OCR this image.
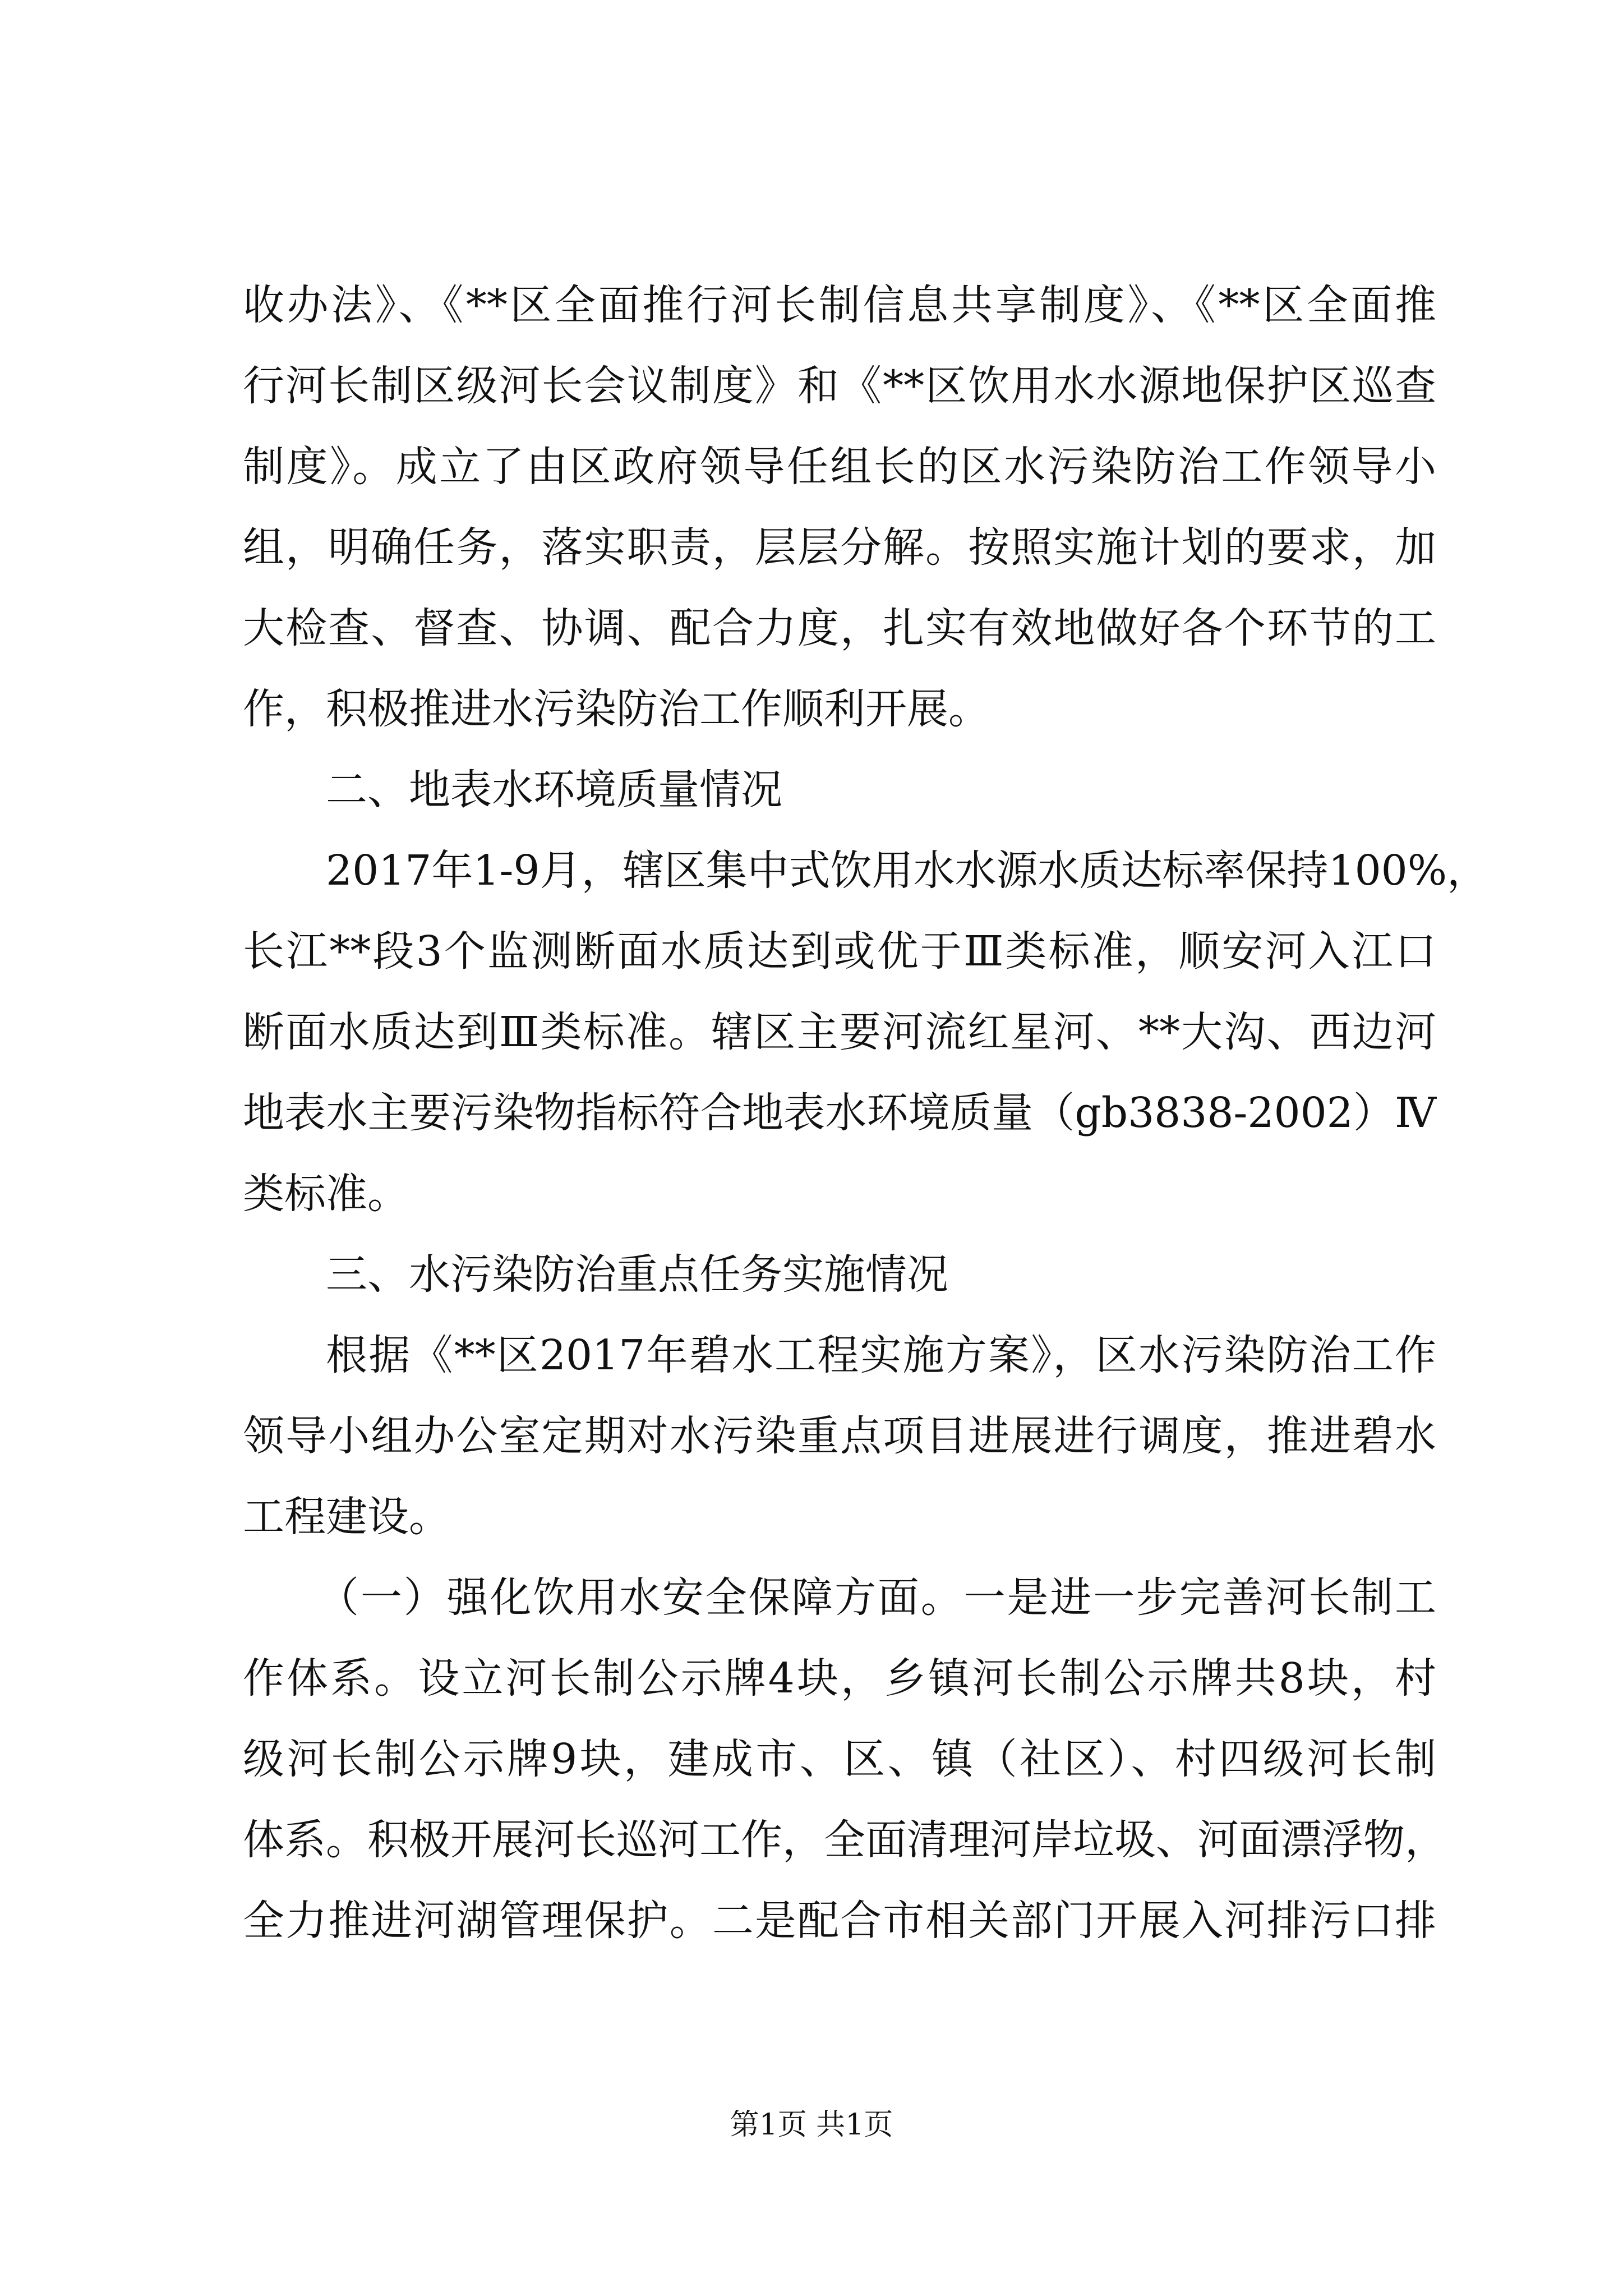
收办法》、《**区全面推行河长制信息共享制度》、《**区全面推
行河长制区级河长会议制度》和《**区饮用水水源地保护区巡查
制度》。成立了由区政府领导任组长的区水污染防治工作领导小
组，明确任务，落实职责，层层分解。按照实施计划的要求，加
大检查、督查、协调、配合力度，扎实有效地做好各个环节的工
作，积极推进水污染防治工作顺利开展。
二、地表水环境质量情况
2017年1-9月，辖区集中式饮用水水源水质达标率保持100%，
长江**段3个监测断面水质达到或优于Ⅲ类标准，顺安河入江口
断面水质达到Ⅲ类标准。辖区主要河流红星河、**大沟、西边河
地表水主要污染物指标符合地表水环境质量（gb3838-2002）Ⅳ
类标准。
三、水污染防治重点任务实施情况
根据《**区2017年碧水工程实施方案》，区水污染防治工作
领导小组办公室定期对水污染重点项目进展进行调度，推进碧水
工程建设。
（一）强化饮用水安全保障方面。一是进一步完善河长制工
作体系。设立河长制公示牌4块，乡镇河长制公示牌共8块，村
级河长制公示牌9块，建成市、区、镇（社区）、村四级河长制
体系。积极开展河长巡河工作，全面清理河岸垃圾、河面漂浮物，
全力推进河湖管理保护。二是配合市相关部门开展入河排污口排
第1页 共1页
